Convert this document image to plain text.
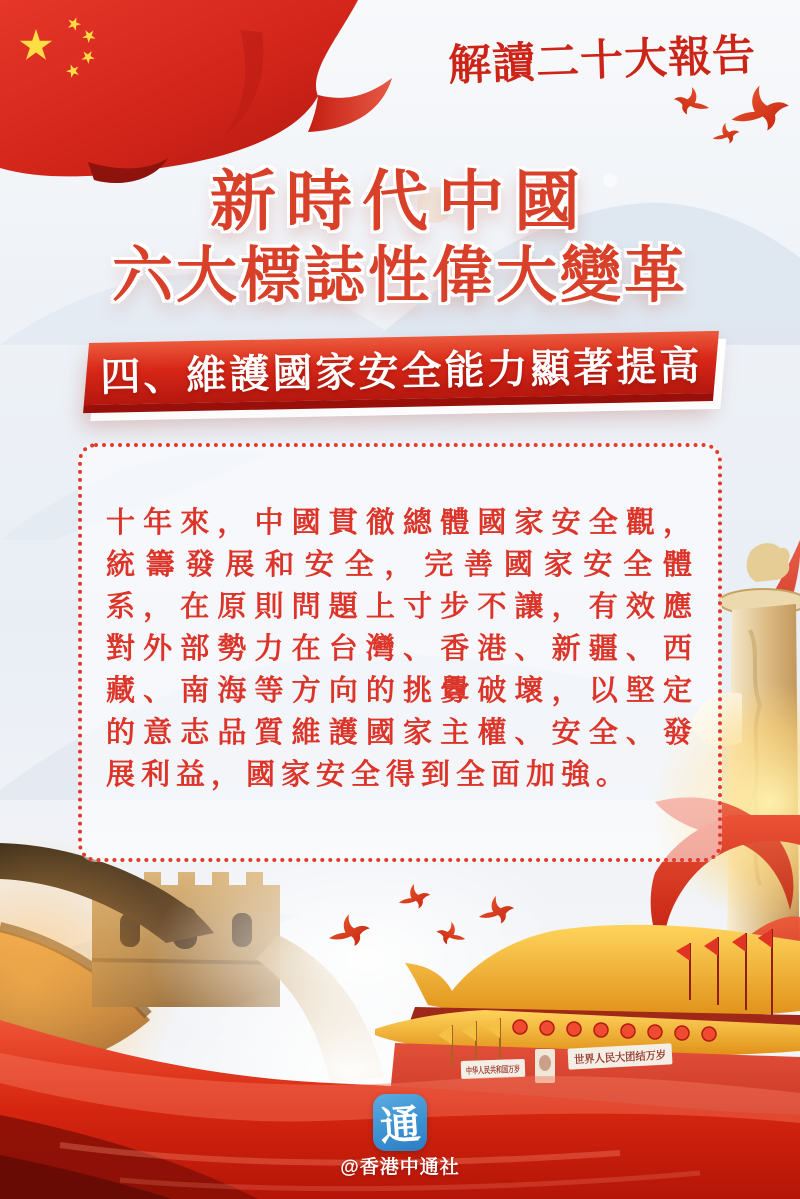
解讀二十大報告
新時代中國
六大標誌性偉大變革
四、維護國家安全能力顯著提高

十年來，中國貫徹總體國家安全觀，統籌發展和安全，完善國家安全體系，在原則問題上寸步不讓，有效應對外部勢力在台灣、香港、新疆、西藏、南海等方向的挑釁破壞，以堅定的意志品質維護國家主權、安全、發展利益，國家安全得到全面加強。

中华人民共和国万岁
世界人民大团结万岁
通
@香港中通社
